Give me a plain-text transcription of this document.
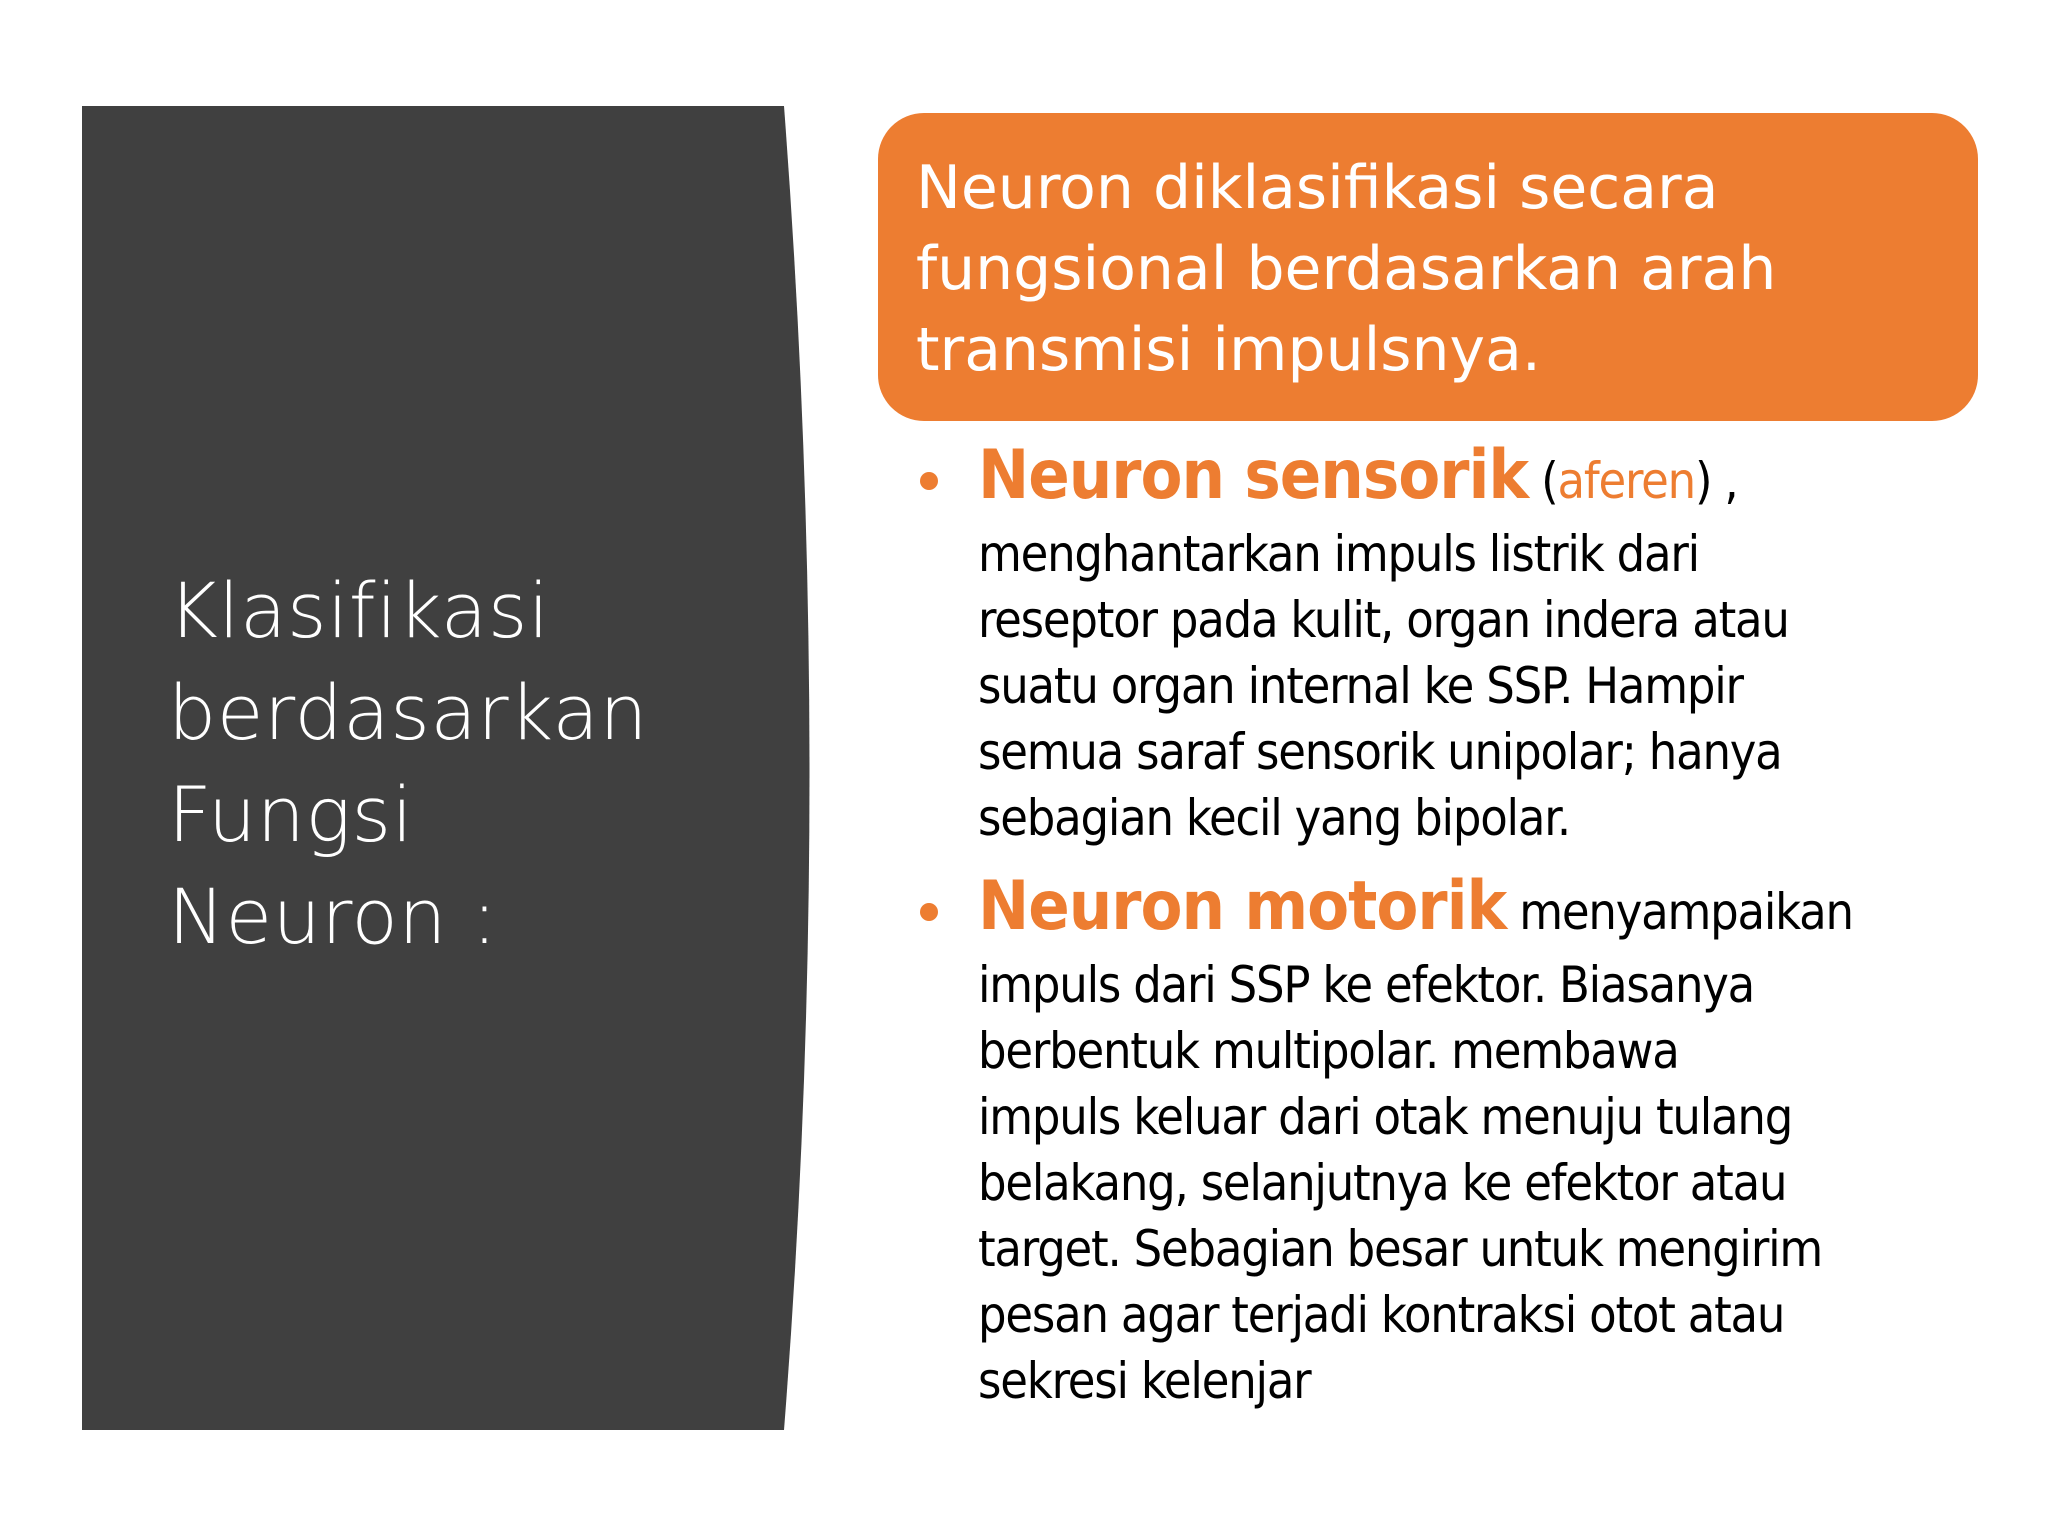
Klasifikasi
berdasarkan
Fungsi
Neuron :

Neuron diklasifikasi secara
fungsional berdasarkan arah
transmisi impulsnya.

Neuron sensorik (aferen) ,
menghantarkan impuls listrik dari
reseptor pada kulit, organ indera atau
suatu organ internal ke SSP. Hampir
semua saraf sensorik unipolar; hanya
sebagian kecil yang bipolar.
Neuron motorik menyampaikan
impuls dari SSP ke efektor. Biasanya
berbentuk multipolar. membawa
impuls keluar dari otak menuju tulang
belakang, selanjutnya ke efektor atau
target. Sebagian besar untuk mengirim
pesan agar terjadi kontraksi otot atau
sekresi kelenjar
